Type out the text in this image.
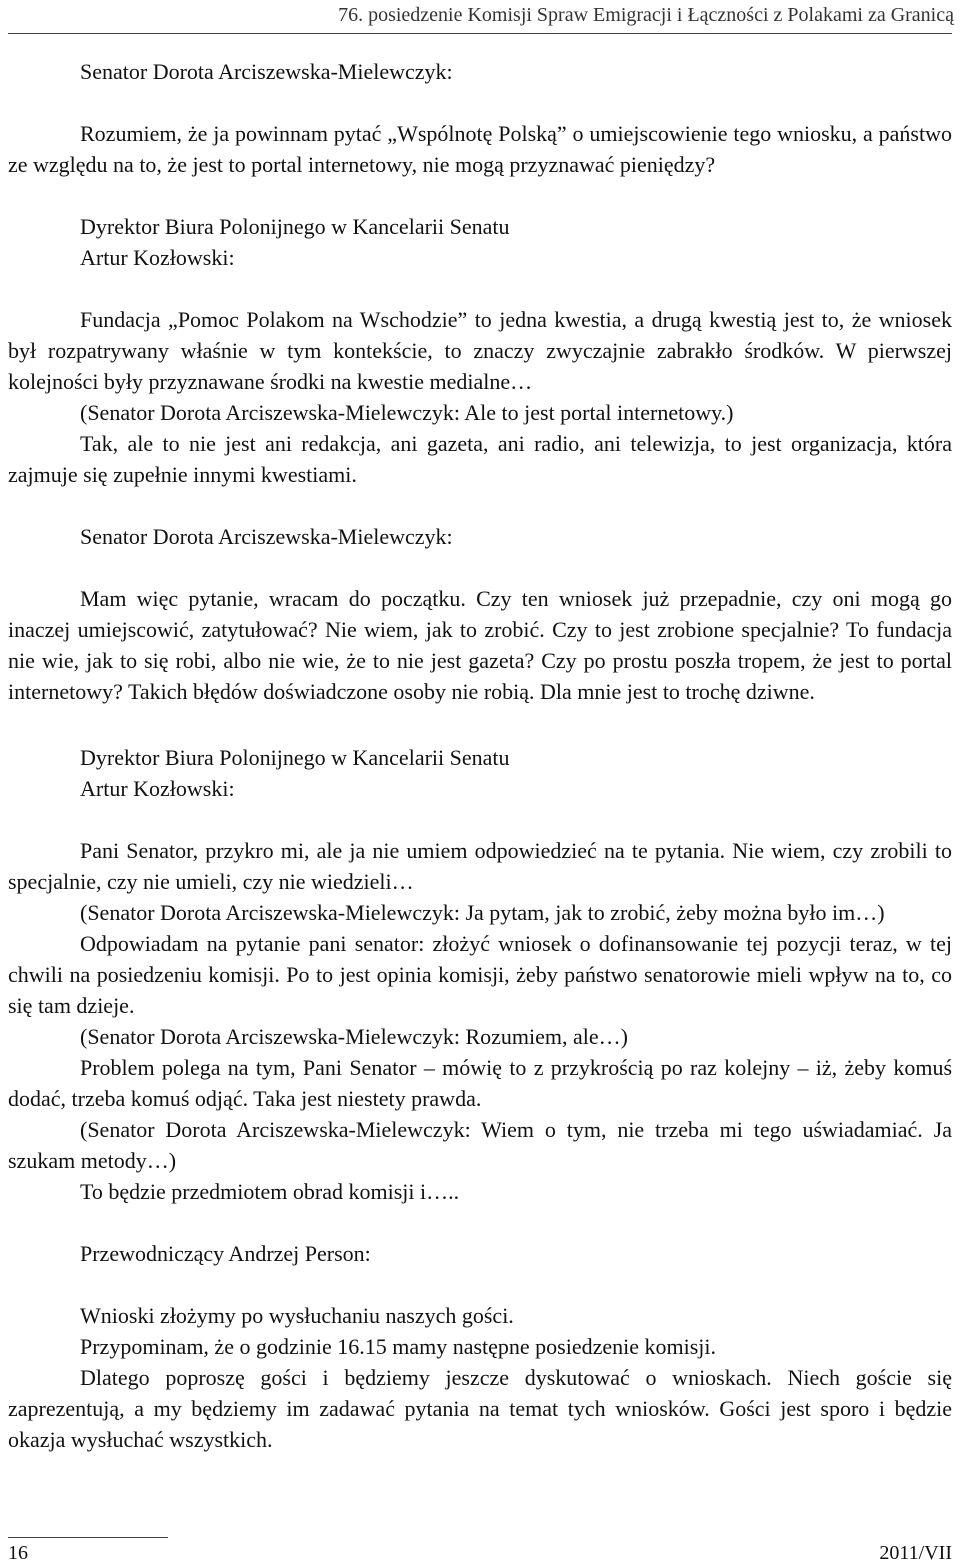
76. posiedzenie Komisji Spraw Emigracji i Łączności z Polakami za Granicą
Senator Dorota Arciszewska-Mielewczyk:

Rozumiem, że ja powinnam pytać „Wspólnotę Polską” o umiejscowienie tego wniosku, a państwo ze względu na to, że jest to portal internetowy, nie mogą przyznawać pieniędzy?

Dyrektor Biura Polonijnego w Kancelarii Senatu
Artur Kozłowski:

Fundacja „Pomoc Polakom na Wschodzie” to jedna kwestia, a drugą kwestią jest to, że wniosek był rozpatrywany właśnie w tym kontekście, to znaczy zwyczajnie zabrakło środków. W pierwszej kolejności były przyznawane środki na kwestie medialne…

(Senator Dorota Arciszewska-Mielewczyk: Ale to jest portal internetowy.)

Tak, ale to nie jest ani redakcja, ani gazeta, ani radio, ani telewizja, to jest organizacja, która zajmuje się zupełnie innymi kwestiami.

Senator Dorota Arciszewska-Mielewczyk:

Mam więc pytanie, wracam do początku. Czy ten wniosek już przepadnie, czy oni mogą go inaczej umiejscowić, zatytułować? Nie wiem, jak to zrobić. Czy to jest zrobione specjalnie? To fundacja nie wie, jak to się robi, albo nie wie, że to nie jest gazeta? Czy po prostu poszła tropem, że jest to portal internetowy? Takich błędów doświadczone osoby nie robią. Dla mnie jest to trochę dziwne.

Dyrektor Biura Polonijnego w Kancelarii Senatu
Artur Kozłowski:

Pani Senator, przykro mi, ale ja nie umiem odpowiedzieć na te pytania. Nie wiem, czy zrobili to specjalnie, czy nie umieli, czy nie wiedzieli…

(Senator Dorota Arciszewska-Mielewczyk: Ja pytam, jak to zrobić, żeby można było im…)

Odpowiadam na pytanie pani senator: złożyć wniosek o dofinansowanie tej pozycji teraz, w tej chwili na posiedzeniu komisji. Po to jest opinia komisji, żeby państwo senatorowie mieli wpływ na to, co się tam dzieje.

(Senator Dorota Arciszewska-Mielewczyk: Rozumiem, ale…)

Problem polega na tym, Pani Senator – mówię to z przykrością po raz kolejny – iż, żeby komuś dodać, trzeba komuś odjąć. Taka jest niestety prawda.

(Senator Dorota Arciszewska-Mielewczyk: Wiem o tym, nie trzeba mi tego uświadamiać. Ja szukam metody…)

To będzie przedmiotem obrad komisji i…..

Przewodniczący Andrzej Person:

Wnioski złożymy po wysłuchaniu naszych gości.

Przypominam, że o godzinie 16.15 mamy następne posiedzenie komisji.

Dlatego poproszę gości i będziemy jeszcze dyskutować o wnioskach. Niech goście się zaprezentują, a my będziemy im zadawać pytania na temat tych wniosków. Gości jest sporo i będzie okazja wysłuchać wszystkich.

16	2011/VII
